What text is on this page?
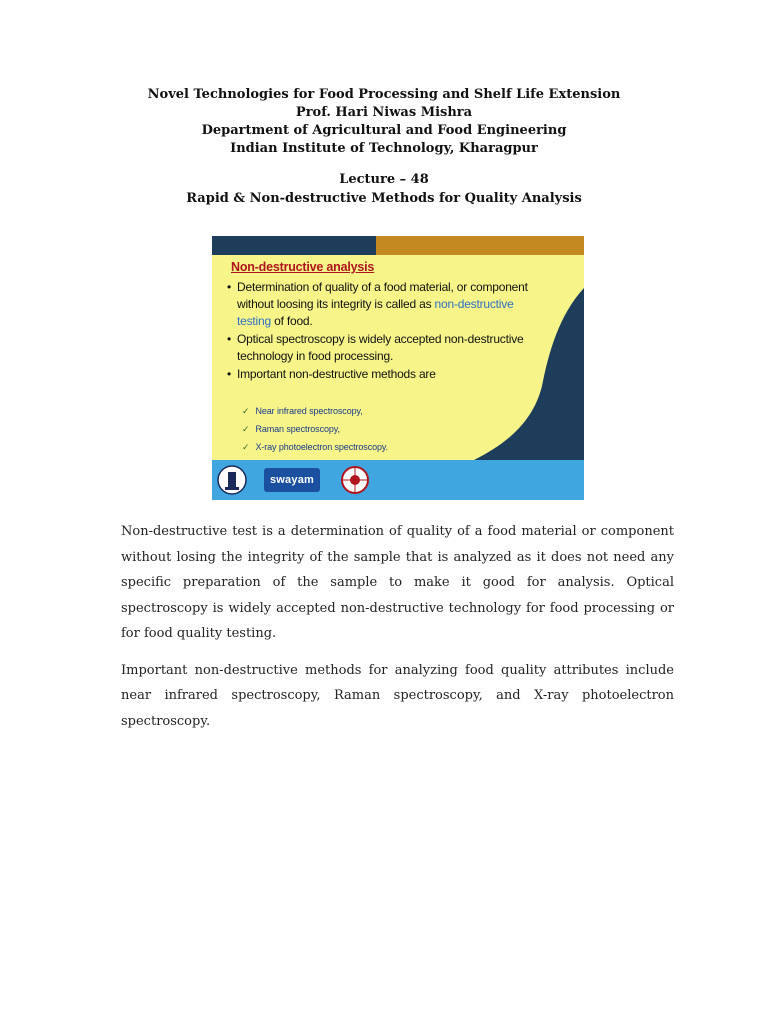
Novel Technologies for Food Processing and Shelf Life Extension
Prof. Hari Niwas Mishra
Department of Agricultural and Food Engineering
Indian Institute of Technology, Kharagpur
Lecture – 48
Rapid & Non-destructive Methods for Quality Analysis
Non-destructive analysis
• Determination of quality of a food material, or component without loosing its integrity is called as non-destructive testing of food.
• Optical spectroscopy is widely accepted non-destructive technology in food processing.
• Important non-destructive methods are
✓ Near infrared spectroscopy,
✓ Raman spectroscopy,
✓ X-ray photoelectron spectroscopy.
swayam

Non-destructive test is a determination of quality of a food material or component without losing the integrity of the sample that is analyzed as it does not need any specific preparation of the sample to make it good for analysis. Optical spectroscopy is widely accepted non-destructive technology for food processing or for food quality testing.

Important non-destructive methods for analyzing food quality attributes include near infrared spectroscopy, Raman spectroscopy, and X-ray photoelectron spectroscopy.
